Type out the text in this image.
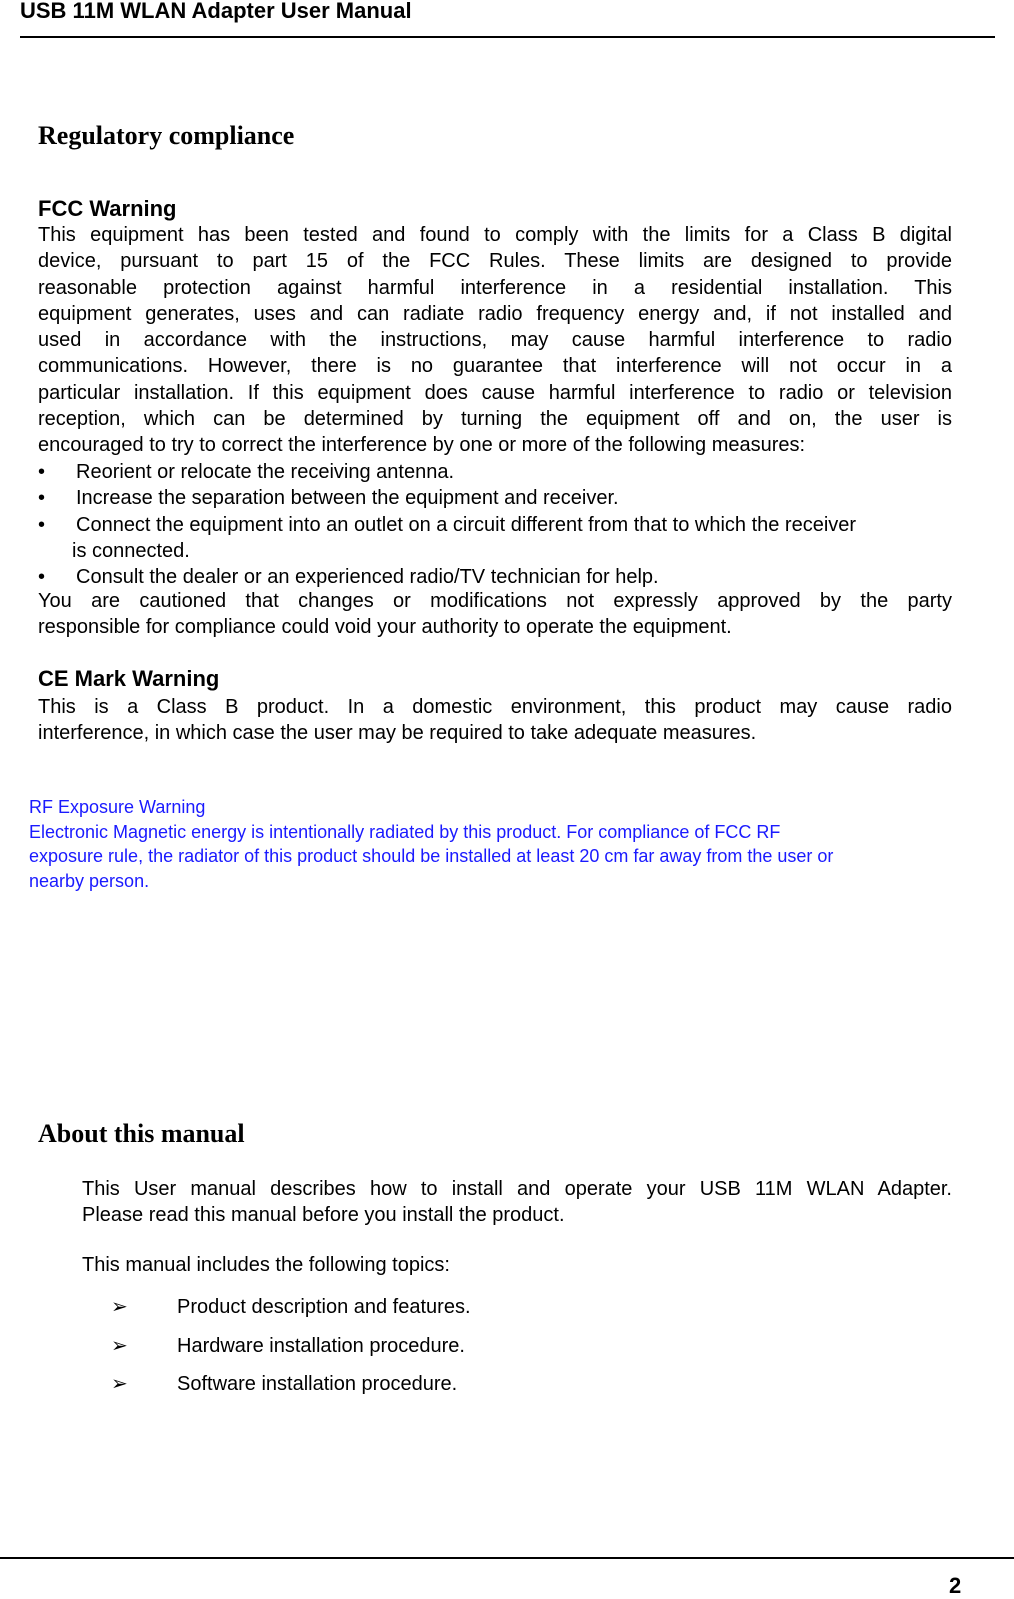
USB 11M WLAN Adapter User Manual
Regulatory compliance
FCC Warning
This equipment has been tested and found to comply with the limits for a Class B digital
device, pursuant to part 15 of the FCC Rules. These limits are designed to provide
reasonable protection against harmful interference in a residential installation. This
equipment generates, uses and can radiate radio frequency energy and, if not installed and
used in accordance with the instructions, may cause harmful interference to radio
communications. However, there is no guarantee that interference will not occur in a
particular installation. If this equipment does cause harmful interference to radio or television
reception, which can be determined by turning the equipment off and on, the user is
encouraged to try to correct the interference by one or more of the following measures:
• Reorient or relocate the receiving antenna.
• Increase the separation between the equipment and receiver.
• Connect the equipment into an outlet on a circuit different from that to which the receiver
is connected.
• Consult the dealer or an experienced radio/TV technician for help.
You are cautioned that changes or modifications not expressly approved by the party
responsible for compliance could void your authority to operate the equipment.
CE Mark Warning
This is a Class B product. In a domestic environment, this product may cause radio
interference, in which case the user may be required to take adequate measures.
RF Exposure Warning
Electronic Magnetic energy is intentionally radiated by this product. For compliance of FCC RF
exposure rule, the radiator of this product should be installed at least 20 cm far away from the user or
nearby person.
About this manual
This User manual describes how to install and operate your USB 11M WLAN Adapter.
Please read this manual before you install the product.
This manual includes the following topics:
➢	Product description and features.
➢	Hardware installation procedure.
➢	Software installation procedure.
2
